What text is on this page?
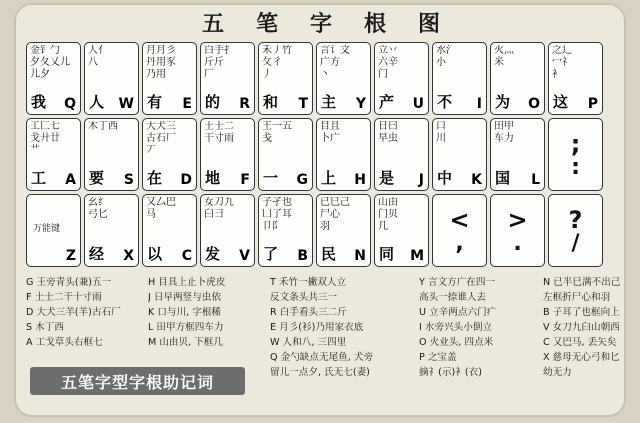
五 笔 字 根 图
金钅勹
夕夂乂儿
儿夕 
我 Q
人亻
八 
人 W
月月彡
丹用豕
乃用 
有 E
白手扌
斤斤
厂
的 R
禾丿竹
攵彳
丿
和 T
言讠文
广方
丶
主 Y
立丷
六辛
门 
产 U
水氵
小 
不 I
火灬
米 
为 O
之辶
冖礻
衤
这 P
工匚七
戈廾廿
艹
工 A
木丁西
要 S
大犬三
古石厂
丆 
在 D
土士二
干寸雨
地 F
王一五
戋
一 G
目且
卜广 
上 H
日曰
早虫 
是 J
口
川
中 K
田甲
车力 
国 L
;
:
万能键
Z
幺纟
弓匕 
经 X
又厶巴
马 
以 C
女刀九
臼彐
发 V
子孑也
凵了耳
卩阝
了 B
已巳己
尸心
羽
民 N
山由
门贝
几
同 M
<
,
>
.
?
/
G 王旁青头(兼)五一
F 土士二干十寸雨
D 大犬三羊(羊)古石厂
S 木丁西
A 工戈草头右框七
H 目具上止卜虎皮
J 日早两竖与虫依
K 口与川, 字根稀
L 田甲方框四车力
M 山由贝, 下框几
T 禾竹一撇双人立
反文条头共三一
R 白手看头三二斤
E 月彡(衫)乃用家衣底
W 人和八, 三四里
Q 金勺缺点无尾鱼, 犬旁
留儿一点夕, 氏无七(妻)
Y 言文方广在四一
高头一捺谁人去
U 立辛两点六门疒
I 水旁兴头小倒立
O 火业头, 四点米
P 之宝盖
摘礻(示)衤(衣)
N 已半巳满不出己
左框折尸心和羽
B 子耳了也框向上
V 女刀九臼山朝西
C 又巴马, 丢矢矣
X 慈母无心弓和匕
幼无力
五笔字型字根助记词
